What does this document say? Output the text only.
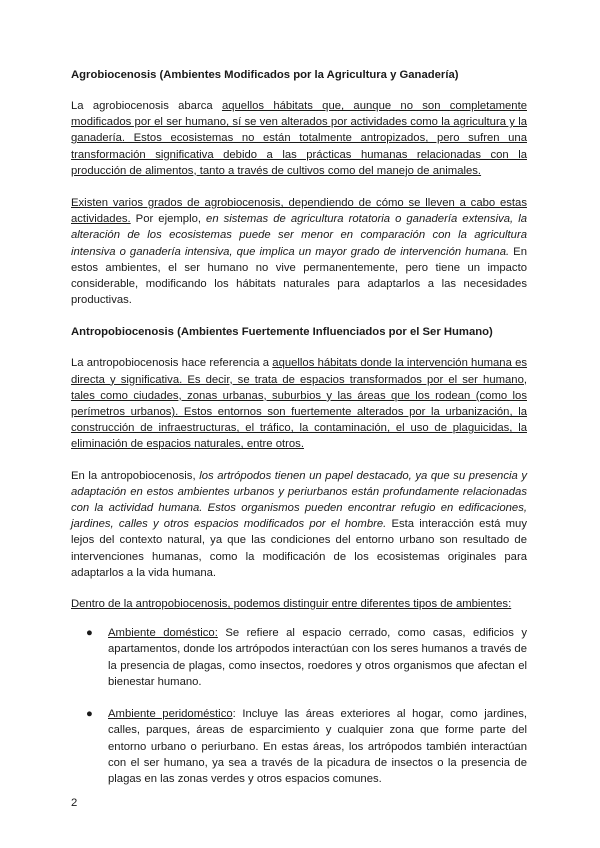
Agrobiocenosis (Ambientes Modificados por la Agricultura y Ganadería)

La agrobiocenosis abarca aquellos hábitats que, aunque no son completamente modificados por el ser humano, sí se ven alterados por actividades como la agricultura y la ganadería. Estos ecosistemas no están totalmente antropizados, pero sufren una transformación significativa debido a las prácticas humanas relacionadas con la producción de alimentos, tanto a través de cultivos como del manejo de animales.

Existen varios grados de agrobiocenosis, dependiendo de cómo se lleven a cabo estas actividades. Por ejemplo, en sistemas de agricultura rotatoria o ganadería extensiva, la alteración de los ecosistemas puede ser menor en comparación con la agricultura intensiva o ganadería intensiva, que implica un mayor grado de intervención humana. En estos ambientes, el ser humano no vive permanentemente, pero tiene un impacto considerable, modificando los hábitats naturales para adaptarlos a las necesidades productivas.

Antropobiocenosis (Ambientes Fuertemente Influenciados por el Ser Humano)

La antropobiocenosis hace referencia a aquellos hábitats donde la intervención humana es directa y significativa. Es decir, se trata de espacios transformados por el ser humano, tales como ciudades, zonas urbanas, suburbios y las áreas que los rodean (como los perímetros urbanos). Estos entornos son fuertemente alterados por la urbanización, la construcción de infraestructuras, el tráfico, la contaminación, el uso de plaguicidas, la eliminación de espacios naturales, entre otros.

En la antropobiocenosis, los artrópodos tienen un papel destacado, ya que su presencia y adaptación en estos ambientes urbanos y periurbanos están profundamente relacionadas con la actividad humana. Estos organismos pueden encontrar refugio en edificaciones, jardines, calles y otros espacios modificados por el hombre. Esta interacción está muy lejos del contexto natural, ya que las condiciones del entorno urbano son resultado de intervenciones humanas, como la modificación de los ecosistemas originales para adaptarlos a la vida humana.

Dentro de la antropobiocenosis, podemos distinguir entre diferentes tipos de ambientes:

● Ambiente doméstico: Se refiere al espacio cerrado, como casas, edificios y apartamentos, donde los artrópodos interactúan con los seres humanos a través de la presencia de plagas, como insectos, roedores y otros organismos que afectan el bienestar humano.
● Ambiente peridoméstico: Incluye las áreas exteriores al hogar, como jardines, calles, parques, áreas de esparcimiento y cualquier zona que forme parte del entorno urbano o periurbano. En estas áreas, los artrópodos también interactúan con el ser humano, ya sea a través de la picadura de insectos o la presencia de plagas en las zonas verdes y otros espacios comunes.
2
